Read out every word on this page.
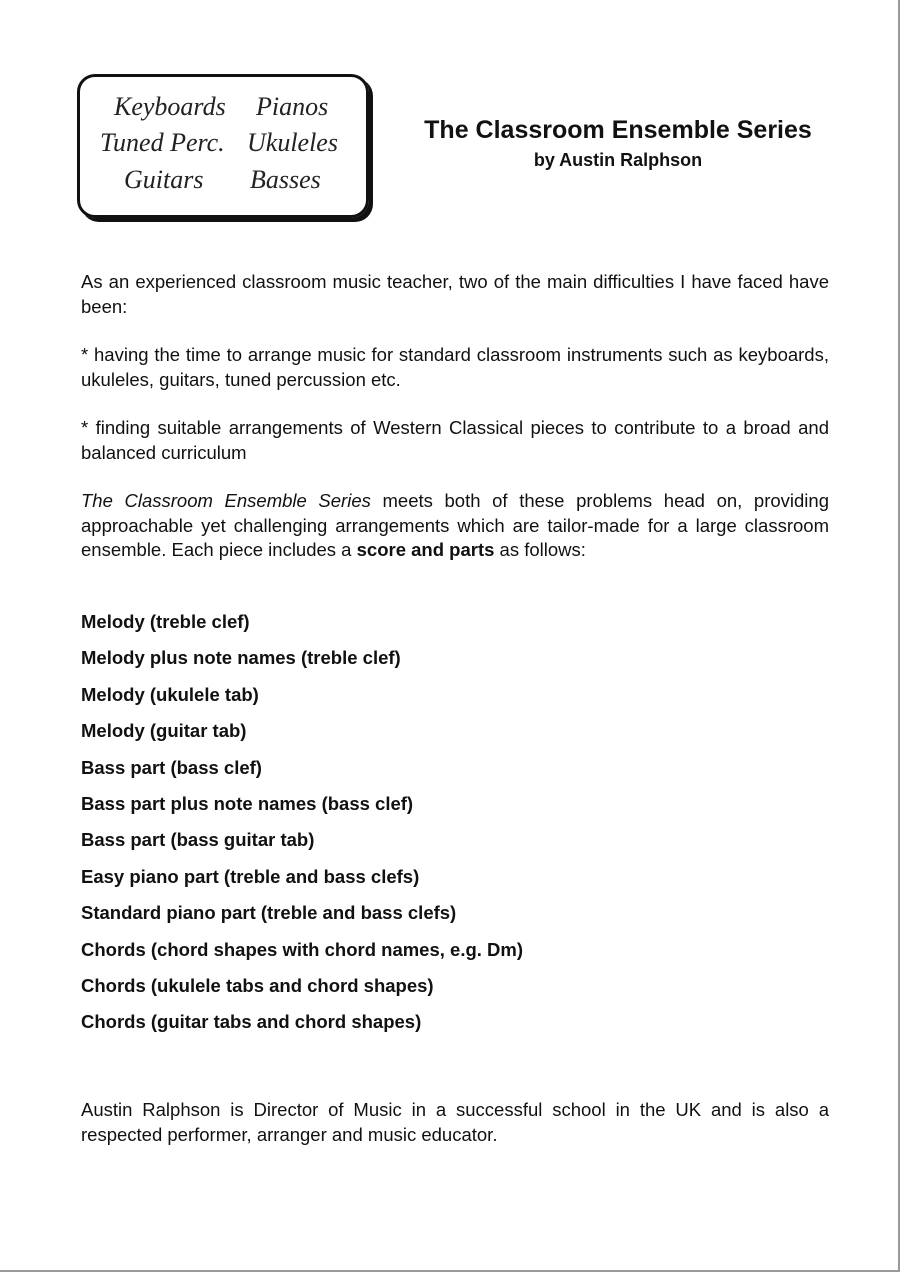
Keyboards Pianos
Tuned Perc. Ukuleles
Guitars Basses
The Classroom Ensemble Series
by Austin Ralphson

As an experienced classroom music teacher, two of the main difficulties I have faced have been:

* having the time to arrange music for standard classroom instruments such as keyboards, ukuleles, guitars, tuned percussion etc.

* finding suitable arrangements of Western Classical pieces to contribute to a broad and balanced curriculum

The Classroom Ensemble Series meets both of these problems head on, providing approachable yet challenging arrangements which are tailor-made for a large classroom ensemble. Each piece includes a score and parts as follows:

Melody (treble clef)
Melody plus note names (treble clef)
Melody (ukulele tab)
Melody (guitar tab)
Bass part (bass clef)
Bass part plus note names (bass clef)
Bass part (bass guitar tab)
Easy piano part (treble and bass clefs)
Standard piano part (treble and bass clefs)
Chords (chord shapes with chord names, e.g. Dm)
Chords (ukulele tabs and chord shapes)
Chords (guitar tabs and chord shapes)

Austin Ralphson is Director of Music in a successful school in the UK and is also a respected performer, arranger and music educator.
